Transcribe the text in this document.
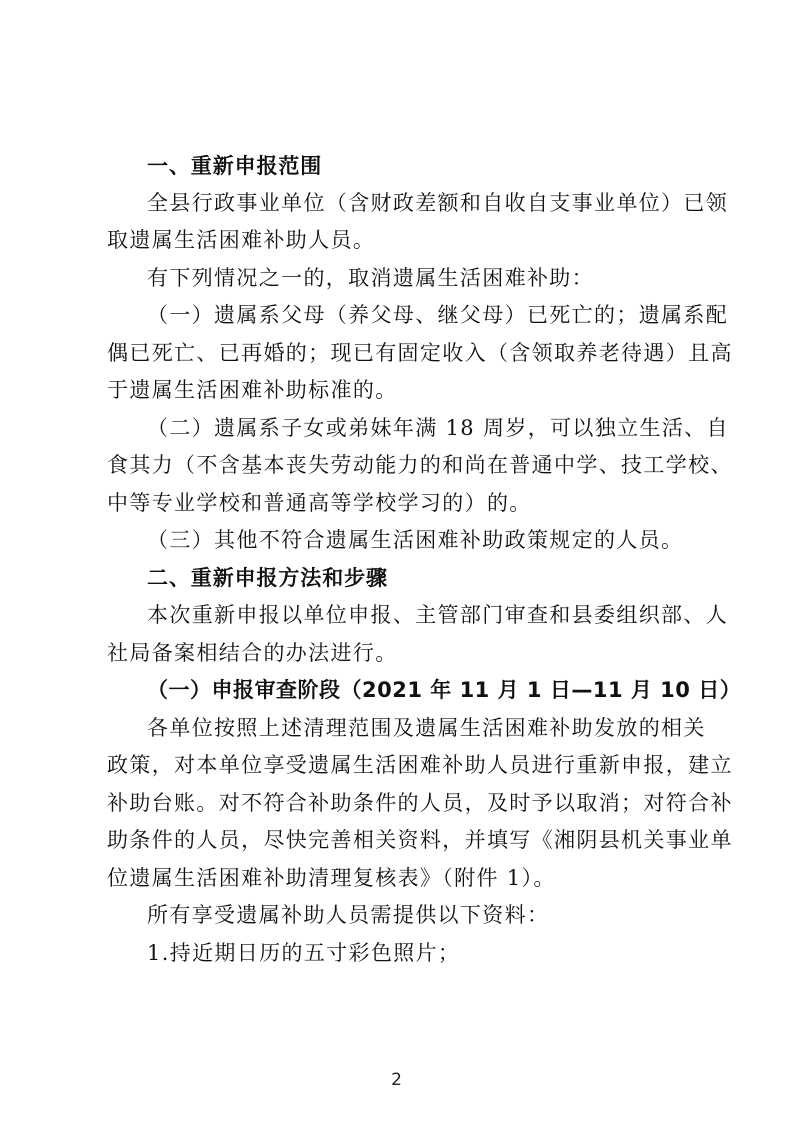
一、重新申报范围
全县行政事业单位（含财政差额和自收自支事业单位）已领
取遗属生活困难补助人员。
有下列情况之一的，取消遗属生活困难补助：
（一）遗属系父母（养父母、继父母）已死亡的；遗属系配
偶已死亡、已再婚的；现已有固定收入（含领取养老待遇）且高
于遗属生活困难补助标准的。
（二）遗属系子女或弟妹年满 18 周岁，可以独立生活、自
食其力（不含基本丧失劳动能力的和尚在普通中学、技工学校、
中等专业学校和普通高等学校学习的）的。
（三）其他不符合遗属生活困难补助政策规定的人员。
二、重新申报方法和步骤
本次重新申报以单位申报、主管部门审查和县委组织部、人
社局备案相结合的办法进行。
（一）申报审查阶段（2021 年 11 月 1 日—11 月 10 日）
各单位按照上述清理范围及遗属生活困难补助发放的相关
政策，对本单位享受遗属生活困难补助人员进行重新申报，建立
补助台账。对不符合补助条件的人员，及时予以取消；对符合补
助条件的人员，尽快完善相关资料，并填写《湘阴县机关事业单
位遗属生活困难补助清理复核表》（附件 1）。
所有享受遗属补助人员需提供以下资料：
1.持近期日历的五寸彩色照片；
2
